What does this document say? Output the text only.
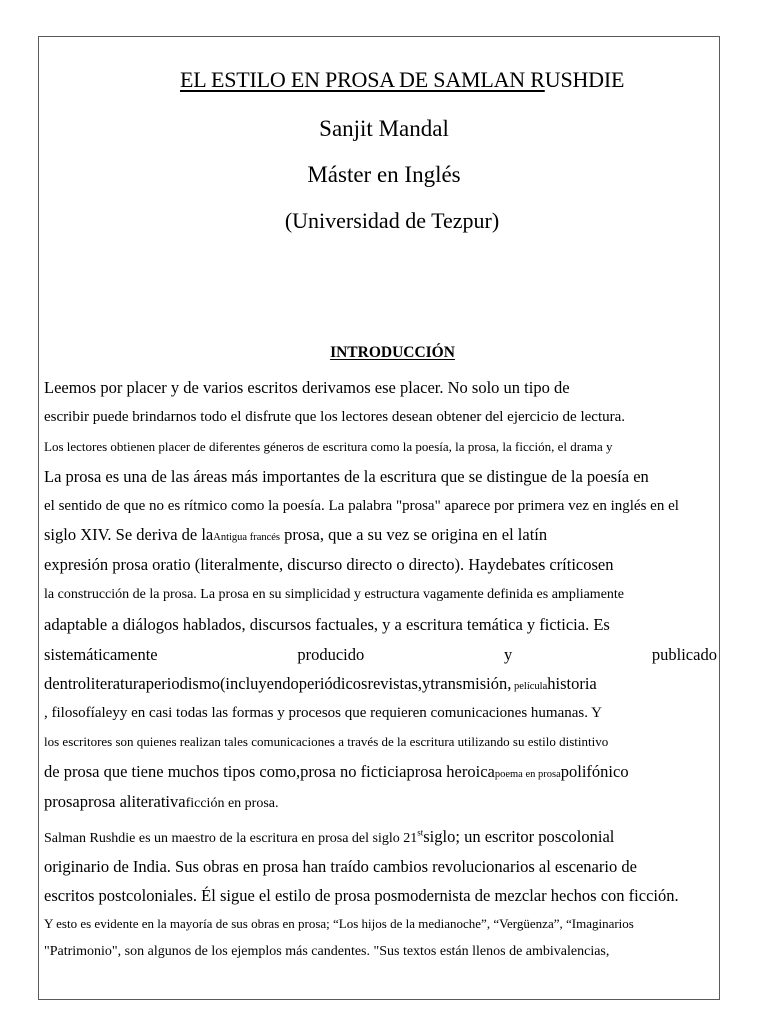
EL ESTILO EN PROSA DE SAMLAN RUSHDIE
Sanjit Mandal
Máster en Inglés
(Universidad de Tezpur)
INTRODUCCIÓN
Leemos por placer y de varios escritos derivamos ese placer. No solo un tipo de
escribir puede brindarnos todo el disfrute que los lectores desean obtener del ejercicio de lectura.
Los lectores obtienen placer de diferentes géneros de escritura como la poesía, la prosa, la ficción, el drama y
La prosa es una de las áreas más importantes de la escritura que se distingue de la poesía en
el sentido de que no es rítmico como la poesía. La palabra "prosa" aparece por primera vez en inglés en el
siglo XIV. Se deriva de laAntigua francés prosa, que a su vez se origina en el latín
expresión prosa oratio (literalmente, discurso directo o directo). Haydebates críticosen
la construcción de la prosa. La prosa en su simplicidad y estructura vagamente definida es ampliamente
adaptable a diálogos hablados, discursos factuales, y a escritura temática y ficticia. Es
sistemáticamente	producido	y	publicado
dentroliteraturaperiodismo(incluyendoperiódicosrevistas,ytransmisión, películahistoria
, filosofíaleyy en casi todas las formas y procesos que requieren comunicaciones humanas. Y
los escritores son quienes realizan tales comunicaciones a través de la escritura utilizando su estilo distintivo
de prosa que tiene muchos tipos como,prosa no ficticiaprosa heroicapoema en prosapolifónico
prosaprosa aliterativaficción en prosa.
Salman Rushdie es un maestro de la escritura en prosa del siglo 21stsiglo; un escritor poscolonial
originario de India. Sus obras en prosa han traído cambios revolucionarios al escenario de
escritos postcoloniales. Él sigue el estilo de prosa posmodernista de mezclar hechos con ficción.
Y esto es evidente en la mayoría de sus obras en prosa; “Los hijos de la medianoche”, “Vergüenza”, “Imaginarios
"Patrimonio", son algunos de los ejemplos más candentes. "Sus textos están llenos de ambivalencias,
